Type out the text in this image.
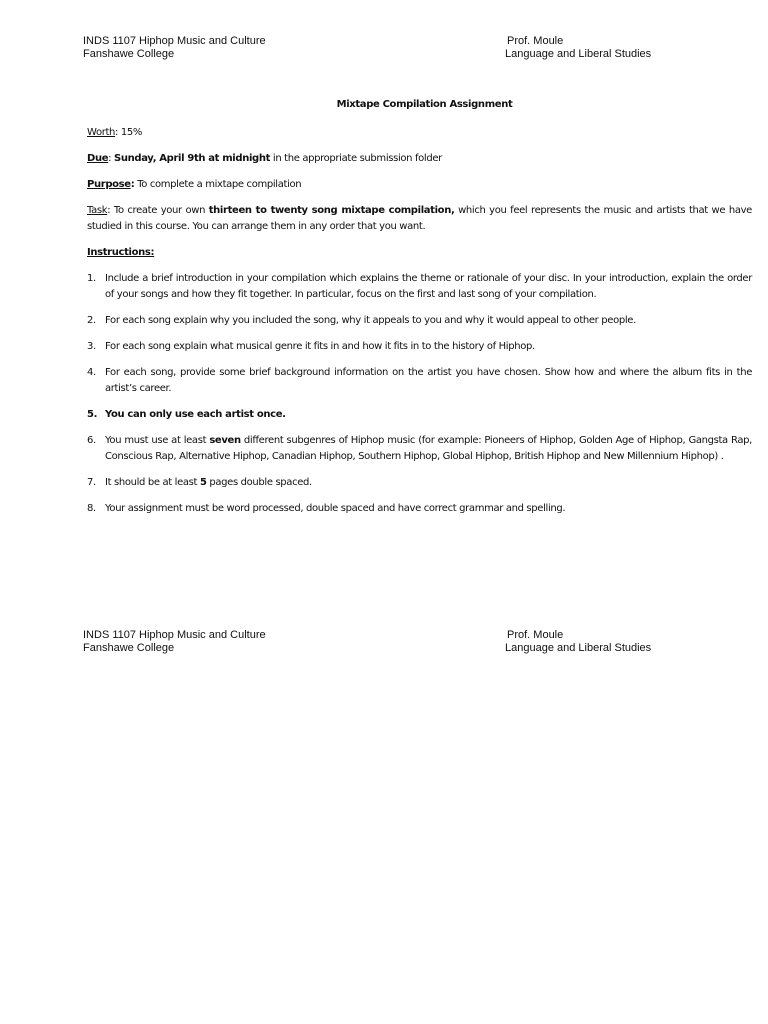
INDS 1107 Hiphop Music and Culture
Fanshawe College
Prof. Moule
Language and Liberal Studies
Mixtape Compilation Assignment
Worth: 15%
Due: Sunday, April 9th at midnight in the appropriate submission folder
Purpose: To complete a mixtape compilation
Task: To create your own thirteen to twenty song mixtape compilation, which you feel represents the music and artists that we have studied in this course. You can arrange them in any order that you want.
Instructions:
1. Include a brief introduction in your compilation which explains the theme or rationale of your disc. In your introduction, explain the order of your songs and how they fit together. In particular, focus on the first and last song of your compilation.
2. For each song explain why you included the song, why it appeals to you and why it would appeal to other people.
3. For each song explain what musical genre it fits in and how it fits in to the history of Hiphop.
4. For each song, provide some brief background information on the artist you have chosen. Show how and where the album fits in the artist’s career.
5. You can only use each artist once.
6. You must use at least seven different subgenres of Hiphop music (for example: Pioneers of Hiphop, Golden Age of Hiphop, Gangsta Rap, Conscious Rap, Alternative Hiphop, Canadian Hiphop, Southern Hiphop, Global Hiphop, British Hiphop and New Millennium Hiphop) .
7. It should be at least 5 pages double spaced.
8. Your assignment must be word processed, double spaced and have correct grammar and spelling.
INDS 1107 Hiphop Music and Culture
Fanshawe College
Prof. Moule
Language and Liberal Studies
